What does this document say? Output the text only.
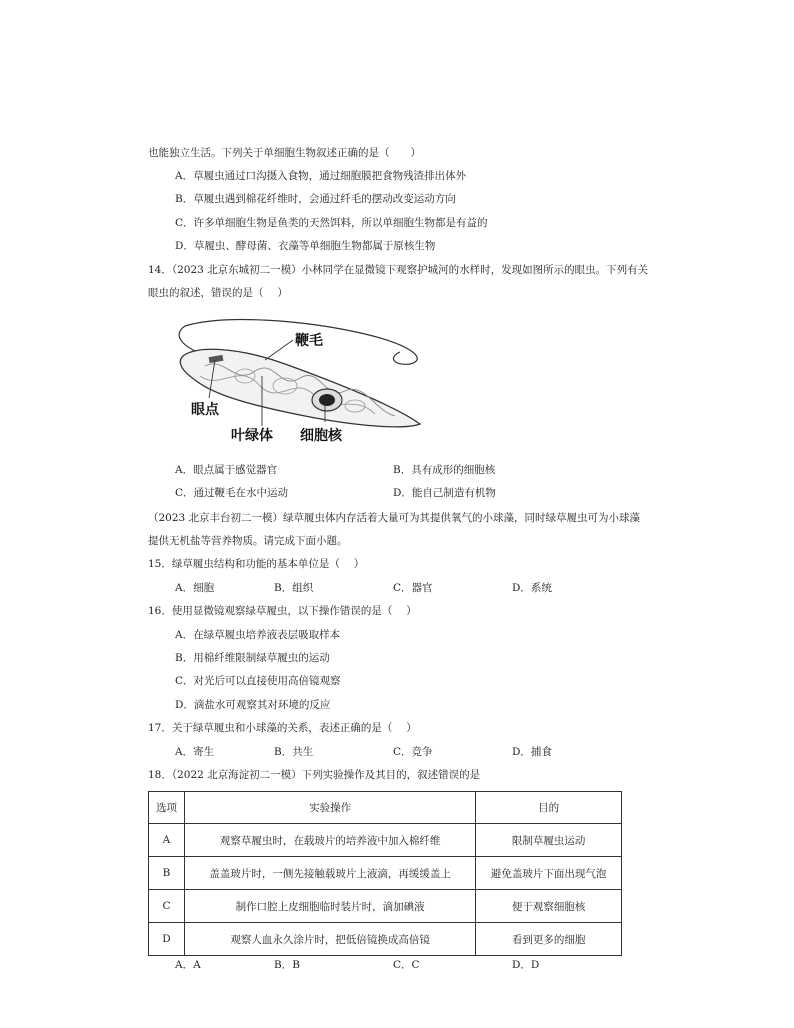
也能独立生活。下列关于单细胞生物叙述正确的是（　　）
A．草履虫通过口沟摄入食物，通过细胞膜把食物残渣排出体外
B．草履虫遇到棉花纤维时，会通过纤毛的摆动改变运动方向
C．许多单细胞生物是鱼类的天然饵料，所以单细胞生物都是有益的
D．草履虫、酵母菌、衣藻等单细胞生物都属于原核生物
14．（2023 北京东城初二一模）小林同学在显微镜下观察护城河的水样时，发现如图所示的眼虫。下列有关
眼虫的叙述，错误的是（　 ）
鞭毛
眼点
叶绿体 细胞核
A．眼点属于感觉器官	B．具有成形的细胞核
C．通过鞭毛在水中运动	D．能自己制造有机物
（2023 北京丰台初二一模）绿草履虫体内存活着大量可为其提供氧气的小球藻，同时绿草履虫可为小球藻
提供无机盐等营养物质。请完成下面小题。
15．绿草履虫结构和功能的基本单位是（　 ）
A．细胞	B．组织	C．器官	D．系统
16．使用显微镜观察绿草履虫，以下操作错误的是（　 ）
A．在绿草履虫培养液表层吸取样本
B．用棉纤维限制绿草履虫的运动
C．对光后可以直接使用高倍镜观察
D．滴盐水可观察其对环境的反应
17．关于绿草履虫和小球藻的关系，表述正确的是（　 ）
A．寄生	B．共生	C．竞争	D．捕食
18．（2022 北京海淀初二一模）下列实验操作及其目的，叙述错误的是
选项	实验操作	目的
A	观察草履虫时，在载玻片的培养液中加入棉纤维	限制草履虫运动
B	盖盖玻片时，一侧先接触载玻片上液滴，再缓缓盖上	避免盖玻片下面出现气泡
C	制作口腔上皮细胞临时装片时，滴加碘液	便于观察细胞核
D	观察人血永久涂片时，把低倍镜换成高倍镜	看到更多的细胞
A．A	B．B	C．C	D．D
